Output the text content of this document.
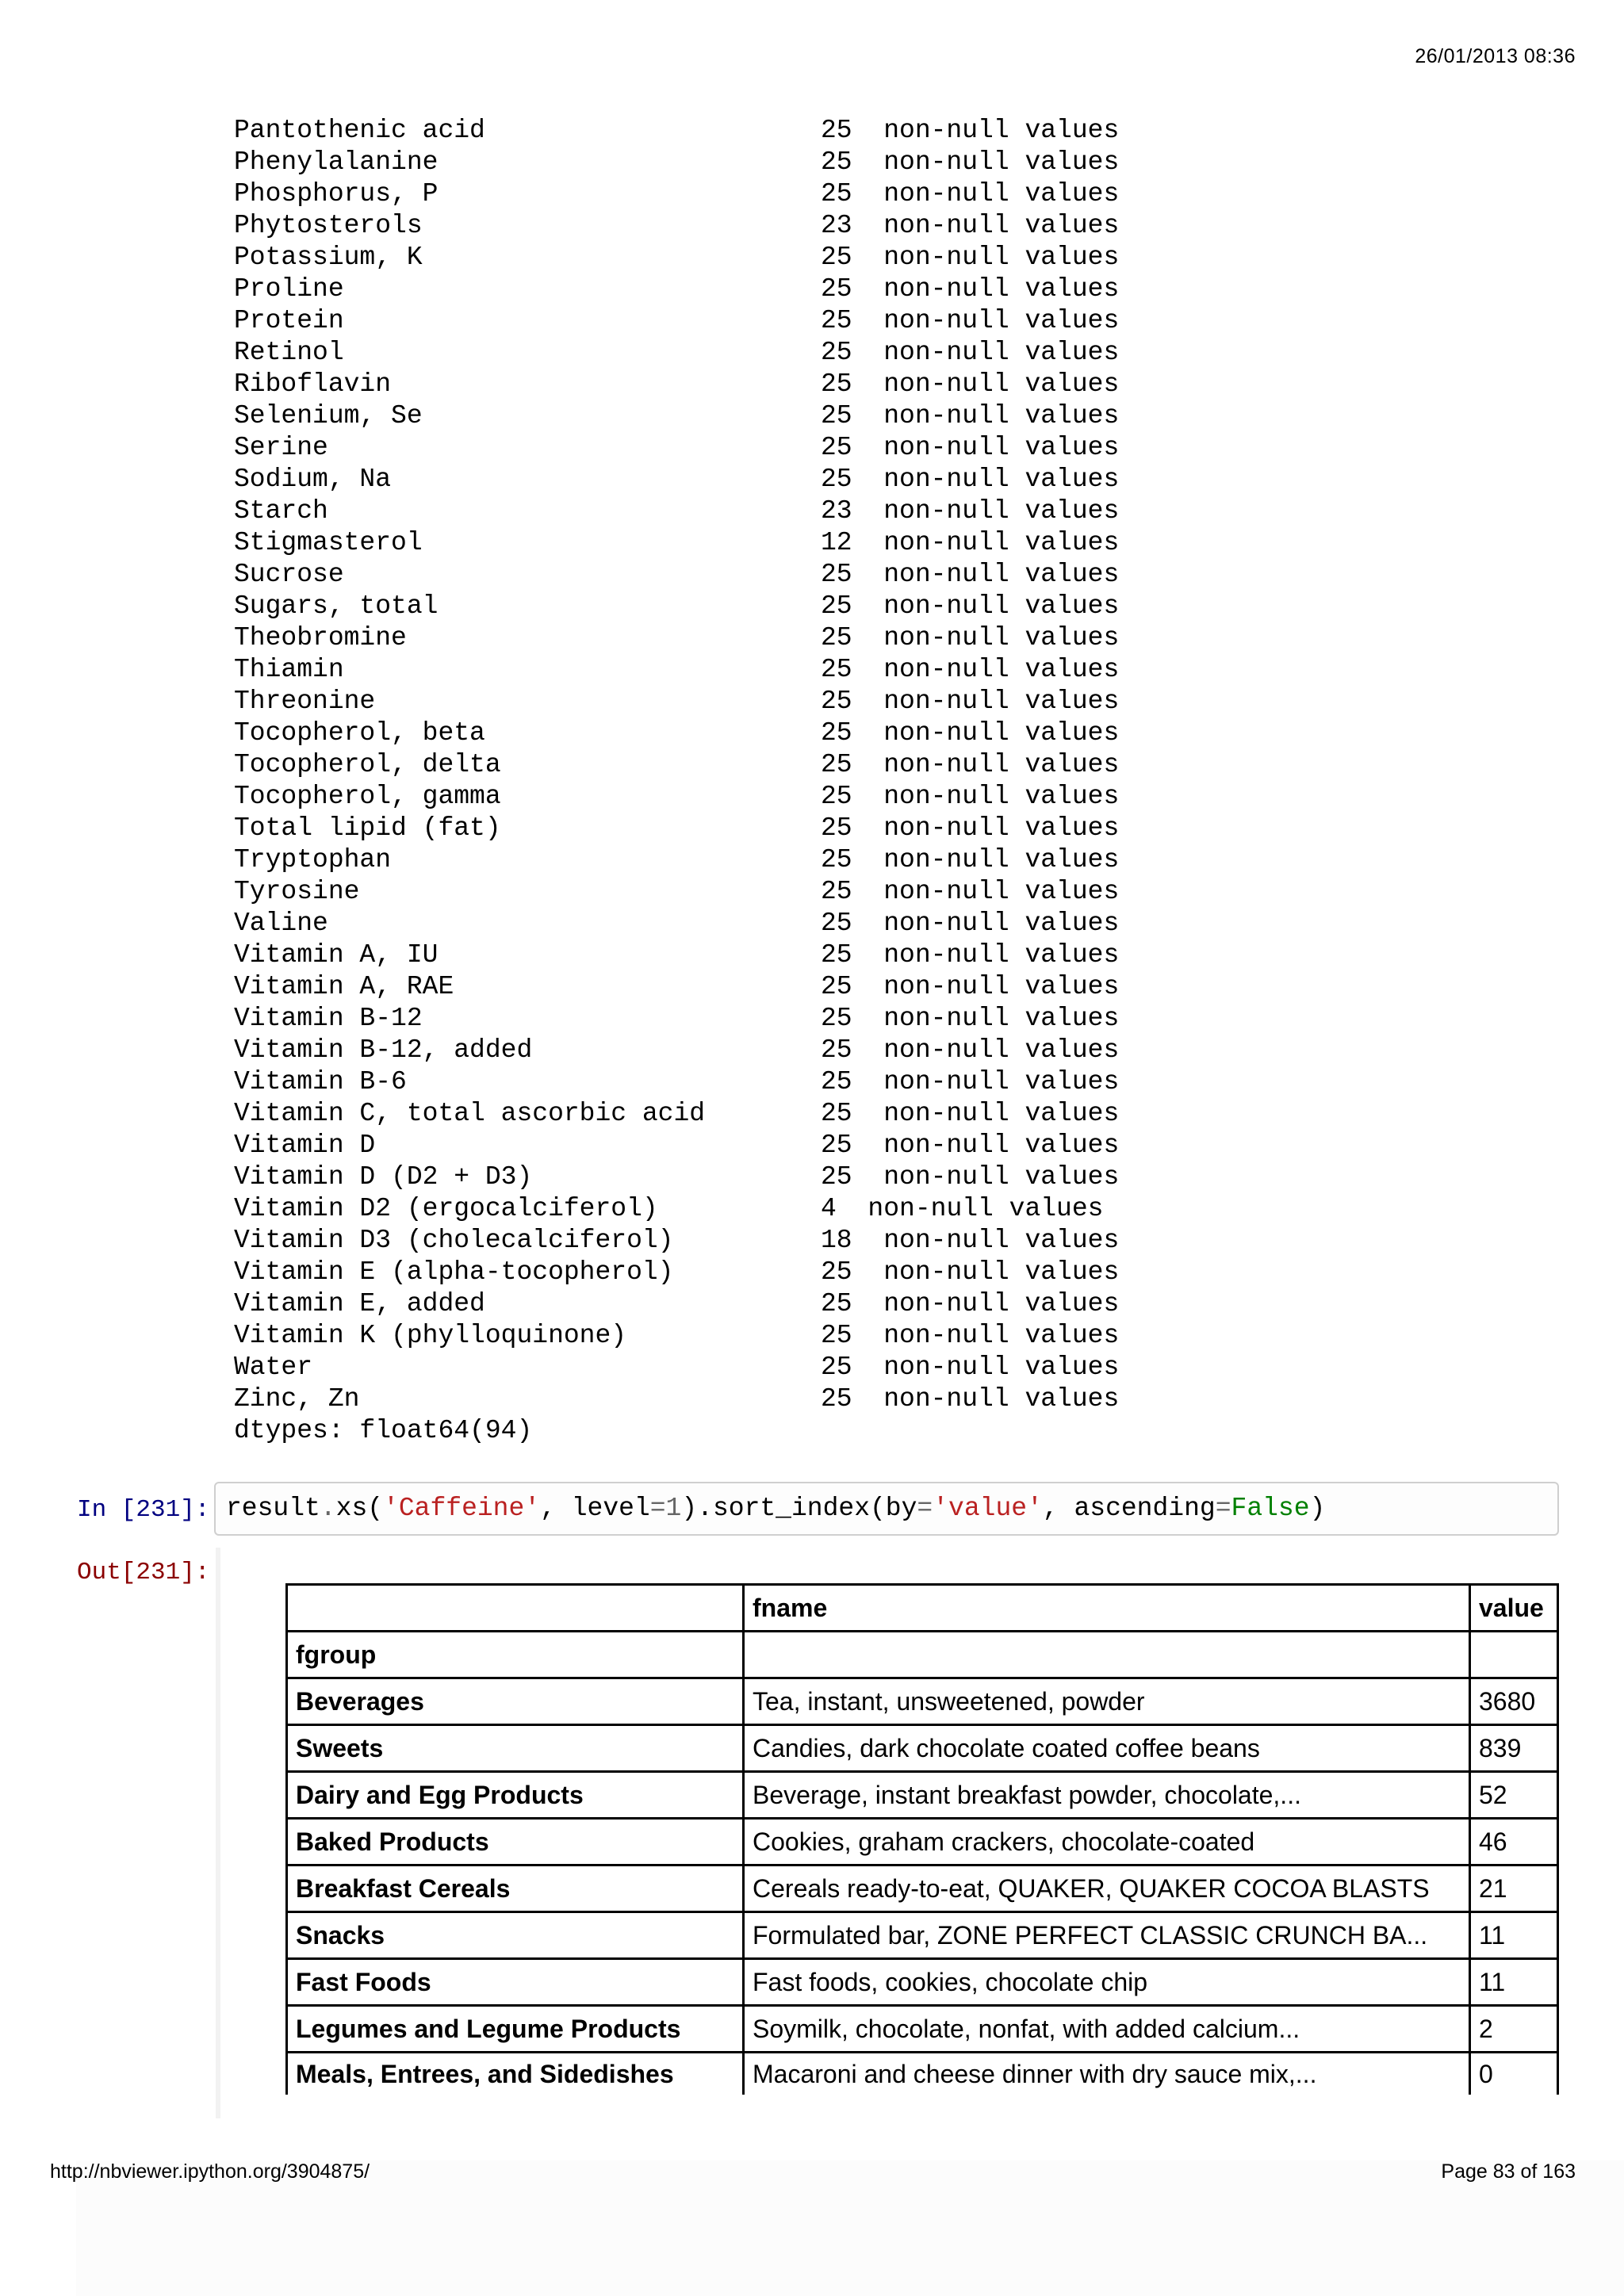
26/01/2013 08:36
Pantothenic acid	25 non-null values
Phenylalanine	25 non-null values
Phosphorus, P	25 non-null values
Phytosterols	23 non-null values
Potassium, K	25 non-null values
Proline	25 non-null values
Protein	25 non-null values
Retinol	25 non-null values
Riboflavin	25 non-null values
Selenium, Se	25 non-null values
Serine	25 non-null values
Sodium, Na	25 non-null values
Starch	23 non-null values
Stigmasterol	12 non-null values
Sucrose	25 non-null values
Sugars, total	25 non-null values
Theobromine	25 non-null values
Thiamin	25 non-null values
Threonine	25 non-null values
Tocopherol, beta	25 non-null values
Tocopherol, delta	25 non-null values
Tocopherol, gamma	25 non-null values
Total lipid (fat)	25 non-null values
Tryptophan	25 non-null values
Tyrosine	25 non-null values
Valine	25 non-null values
Vitamin A, IU	25 non-null values
Vitamin A, RAE	25 non-null values
Vitamin B-12	25 non-null values
Vitamin B-12, added	25 non-null values
Vitamin B-6	25 non-null values
Vitamin C, total ascorbic acid	25 non-null values
Vitamin D	25 non-null values
Vitamin D (D2 + D3)	25 non-null values
Vitamin D2 (ergocalciferol)	4 non-null values
Vitamin D3 (cholecalciferol)	18 non-null values
Vitamin E (alpha-tocopherol)	25 non-null values
Vitamin E, added	25 non-null values
Vitamin K (phylloquinone)	25 non-null values
Water	25 non-null values
Zinc, Zn	25 non-null values
dtypes: float64(94)
In [231]: result.xs('Caffeine', level=1).sort_index(by='value', ascending=False)
Out[231]:
	fname	value
fgroup		
Beverages	Tea, instant, unsweetened, powder	3680
Sweets	Candies, dark chocolate coated coffee beans	839
Dairy and Egg Products	Beverage, instant breakfast powder, chocolate,...	52
Baked Products	Cookies, graham crackers, chocolate-coated	46
Breakfast Cereals	Cereals ready-to-eat, QUAKER, QUAKER COCOA BLASTS	21
Snacks	Formulated bar, ZONE PERFECT CLASSIC CRUNCH BA...	11
Fast Foods	Fast foods, cookies, chocolate chip	11
Legumes and Legume Products	Soymilk, chocolate, nonfat, with added calcium...	2
Meals, Entrees, and Sidedishes	Macaroni and cheese dinner with dry sauce mix,...	0
http://nbviewer.ipython.org/3904875/	Page 83 of 163
